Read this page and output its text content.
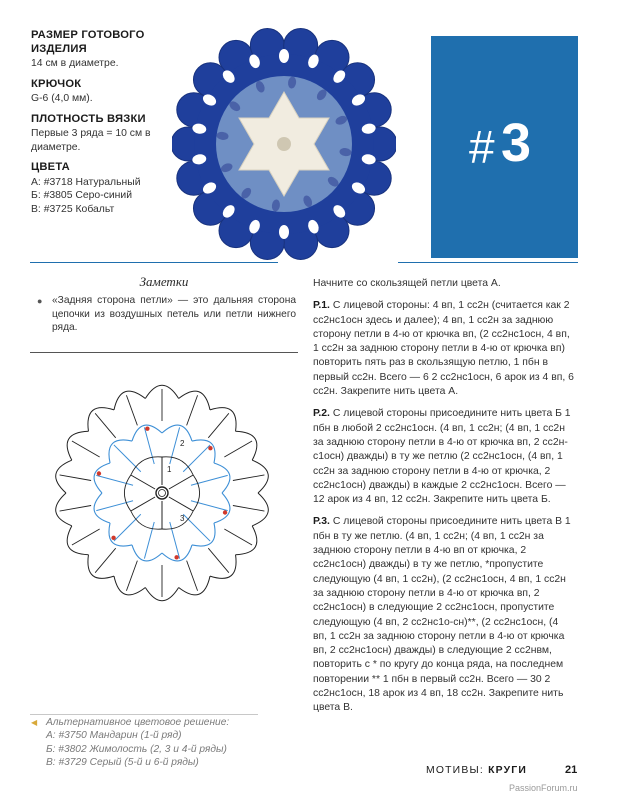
РАЗМЕР ГОТОВОГО ИЗДЕЛИЯ

14 см в диаметре.

КРЮЧОК

G-6 (4,0 мм).

ПЛОТНОСТЬ ВЯЗКИ

Первые 3 ряда = 10 см в диаметре.

ЦВЕТА

А: #3718 Натуральный

Б: #3805 Серо-синий

В: #3725 Кобальт

# 3
Заметки
● «Задняя сторона петли» — это дальняя сторона цепочки из воздушных петель или петли нижнего ряда.
1
2
3

Начните со скользящей петли цвета А.

Р.1. С лицевой стороны: 4 вп, 1 сс2н (считается как 2 сс2нс1осн здесь и далее); 4 вп, 1 сс2н за заднюю сторону петли в 4-ю от крючка вп, (2 сс2нс1осн, 4 вп, 1 сс2н за заднюю сторону петли в 4-ю от крючка вп) повторить пять раз в скользящую петлю, 1 пбн в первый сс2н. Всего — 6 2 сс2нс1осн, 6 арок из 4 вп, 6 сс2н. Закрепите нить цвета А.

Р.2. С лицевой стороны присоедините нить цвета Б 1 пбн в любой 2 сс2нс1осн. (4 вп, 1 сс2н; (4 вп, 1 сс2н за заднюю сторону петли в 4-ю от крючка вп, 2 сс2н-с1осн) дважды) в ту же петлю (2 сс2нс1осн, (4 вп, 1 сс2н за заднюю сторону петли в 4-ю от крючка, 2 сс2нс1осн) дважды) в каждые 2 сс2нс1осн. Всего — 12 арок из 4 вп, 12 сс2н. Закрепите нить цвета Б.

Р.3. С лицевой стороны присоедините нить цвета В 1 пбн в ту же петлю. (4 вп, 1 сс2н; (4 вп, 1 сс2н за заднюю сторону петли в 4-ю вп от крючка, 2 сс2нс1осн) дважды) в ту же петлю, *пропустите следующую (4 вп, 1 сс2н), (2 сс2нс1осн, 4 вп, 1 сс2н за заднюю сторону петли в 4-ю от крючка вп, 2 сс2нс1осн) в следующие 2 сс2нс1осн, пропустите следующую (4 вп, 2 сс2нс1о-сн)**, (2 сс2нс1осн, (4 вп, 1 сс2н за заднюю сторону петли в 4-ю от крючка вп, 2 сс2нс1осн) дважды) в следующие 2 сс2нвм, повторить с * по кругу до конца ряда, на последнем повторении ** 1 пбн в первый сс2н. Всего — 30 2 сс2нс1осн, 18 арок из 4 вп, 18 сс2н. Закрепите нить цвета В.

◀ Альтернативное цветовое решение:
А: #3750 Мандарин (1-й ряд)
Б: #3802 Жимолость (2, 3 и 4-й ряды)
В: #3729 Серый (5-й и 6-й ряды)
МОТИВЫ: КРУГИ	21
PassionForum.ru
